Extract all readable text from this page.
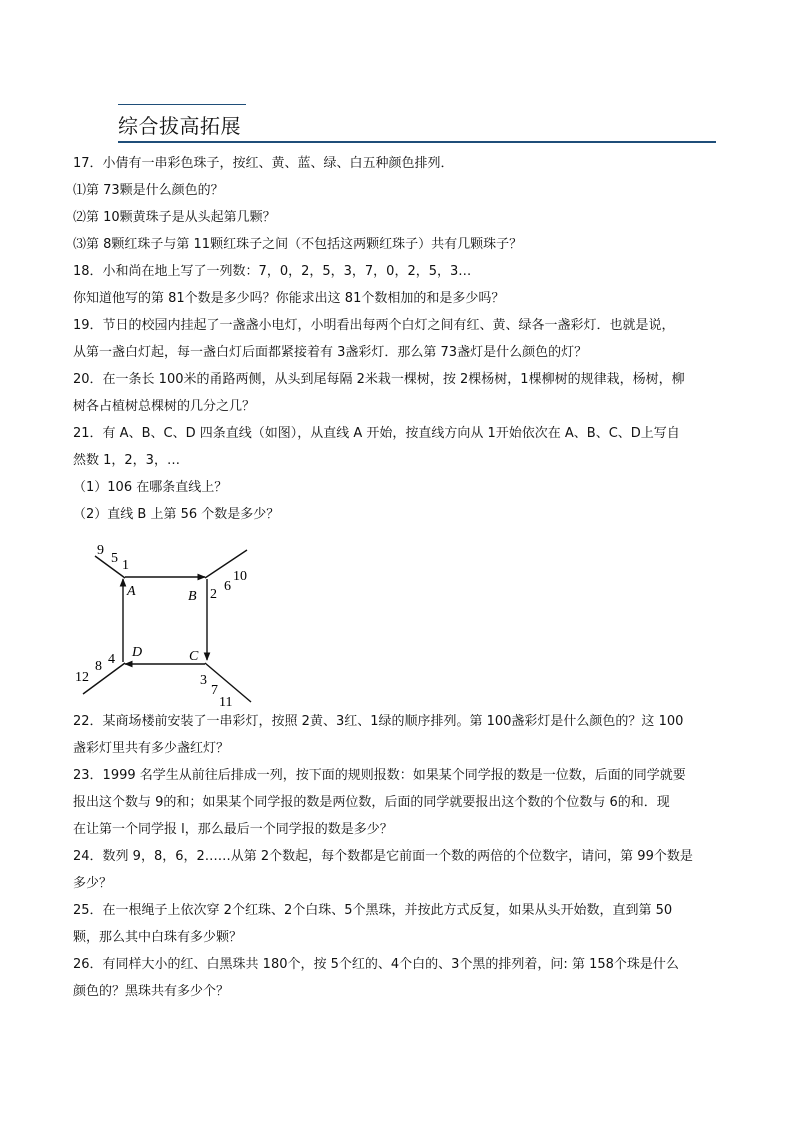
综合拔高拓展

17．小倩有一串彩色珠子，按红、黄、蓝、绿、白五种颜色排列．

⑴第 73颗是什么颜色的？

⑵第 10颗黄珠子是从头起第几颗？

⑶第 8颗红珠子与第 11颗红珠子之间（不包括这两颗红珠子）共有几颗珠子？

18．小和尚在地上写了一列数：7，0，2，5，3，7，0，2，5，3…

你知道他写的第 81个数是多少吗？你能求出这 81个数相加的和是多少吗？

19．节日的校园内挂起了一盏盏小电灯，小明看出每两个白灯之间有红、黄、绿各一盏彩灯．也就是说，

从第一盏白灯起，每一盏白灯后面都紧接着有 3盏彩灯．那么第 73盏灯是什么颜色的灯？

20．在一条长 100米的甬路两侧，从头到尾每隔 2米栽一棵树，按 2棵杨树，1棵柳树的规律栽，杨树，柳

树各占植树总棵树的几分之几？

21．有 A、B、C、D 四条直线（如图），从直线 A 开始，按直线方向从 1开始依次在 A、B、C、D上写自

然数 1，2，3，…

（1）106 在哪条直线上？

（2）直线 B 上第 56 个数是多少？

22．某商场楼前安装了一串彩灯，按照 2黄、3红、1绿的顺序排列。第 100盏彩灯是什么颜色的？这 100

盏彩灯里共有多少盏红灯？

23．1999 名学生从前往后排成一列，按下面的规则报数：如果某个同学报的数是一位数，后面的同学就要

报出这个数与 9的和；如果某个同学报的数是两位数，后面的同学就要报出这个数的个位数与 6的和．现

在让第一个同学报 l，那么最后一个同学报的数是多少？

24．数列 9，8，6，2……从第 2个数起，每个数都是它前面一个数的两倍的个位数字，请问，第 99个数是

多少？

25．在一根绳子上依次穿 2个红珠、2个白珠、5个黑珠，并按此方式反复，如果从头开始数，直到第 50

颗，那么其中白珠有多少颗？

26．有同样大小的红、白黑珠共 180个，按 5个红的、4个白的、3个黑的排列着，问: 第 158个珠是什么

颜色的？黑珠共有多少个？

A	B
C
D
9
5 1
2
6
10
3
7
11
4
8
12
